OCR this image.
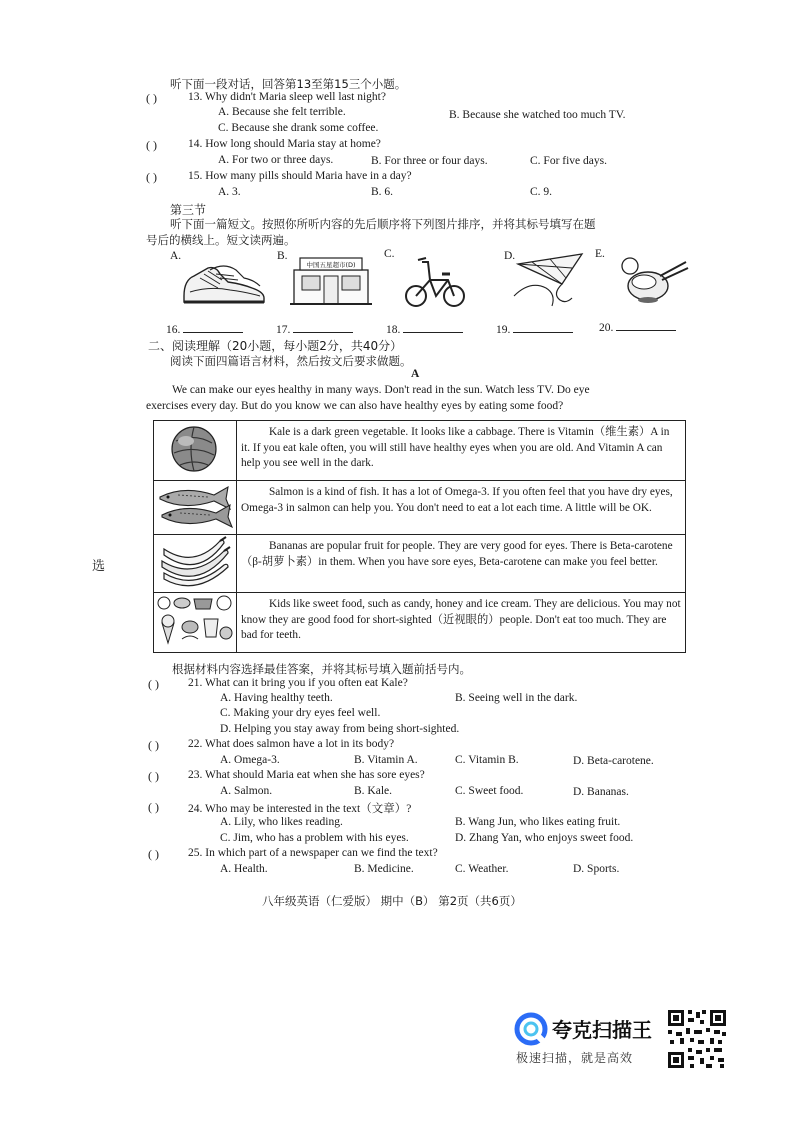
听下面一段对话，回答第13至第15三个小题。
( )	13. Why didn't Maria sleep well last night?
A. Because she felt terrible.	B. Because she watched too much TV.
C. Because she drank some coffee.
( )	14. How long should Maria stay at home?
A. For two or three days.	B. For three or four days.	C. For five days.
( )	15. How many pills should Maria have in a day?
A. 3.	B. 6.	C. 9.
第三节
听下面一篇短文。按照你所听内容的先后顺序将下列图片排序，并将其标号填写在题
号后的横线上。短文读两遍。
A.	B.	C.	D.	E.
中国五星超市(D)
16.	17.	18.	19.	20.
二、阅读理解（20小题，每小题2分，共40分）
阅读下面四篇语言材料，然后按文后要求做题。
A
We can make our eyes healthy in many ways. Don't read in the sun. Watch less TV. Do eye
exercises every day. But do you know we can also have healthy eyes by eating some food?
	Kale is a dark green vegetable. It looks like a cabbage. There is Vitamin（维生素）A in it. If you eat kale often, you will still have healthy eyes when you are old. And Vitamin A can help you see well in the dark.
	Salmon is a kind of fish. It has a lot of Omega-3. If you often feel that you have dry eyes, Omega-3 in salmon can help you. You don't need to eat a lot each time. A little will be OK.
	Bananas are popular fruit for people. They are very good for eyes. There is Beta-carotene（β-胡萝卜素）in them. When you have sore eyes, Beta-carotene can make you feel better.
	Kids like sweet food, such as candy, honey and ice cream. They are delicious. You may not know they are good food for short-sighted（近视眼的）people. Don't eat too much. They are bad for teeth.
根据材料内容选择最佳答案，并将其标号填入题前括号内。
( )	21. What can it bring you if you often eat Kale?
A. Having healthy teeth.	B. Seeing well in the dark.
C. Making your dry eyes feel well.
D. Helping you stay away from being short-sighted.
( )	22. What does salmon have a lot in its body?
A. Omega-3.	B. Vitamin A.	C. Vitamin B.	D. Beta-carotene.
( )	23. What should Maria eat when she has sore eyes?
A. Salmon.	B. Kale.	C. Sweet food.	D. Bananas.
( )	24. Who may be interested in the text（文章）?
A. Lily, who likes reading.	B. Wang Jun, who likes eating fruit.
C. Jim, who has a problem with his eyes.	D. Zhang Yan, who enjoys sweet food.
( )	25. In which part of a newspaper can we find the text?
A. Health.	B. Medicine.	C. Weather.	D. Sports.
选
八年级英语（仁爱版） 期中（B） 第2页（共6页）
夸克扫描王
极速扫描，就是高效
